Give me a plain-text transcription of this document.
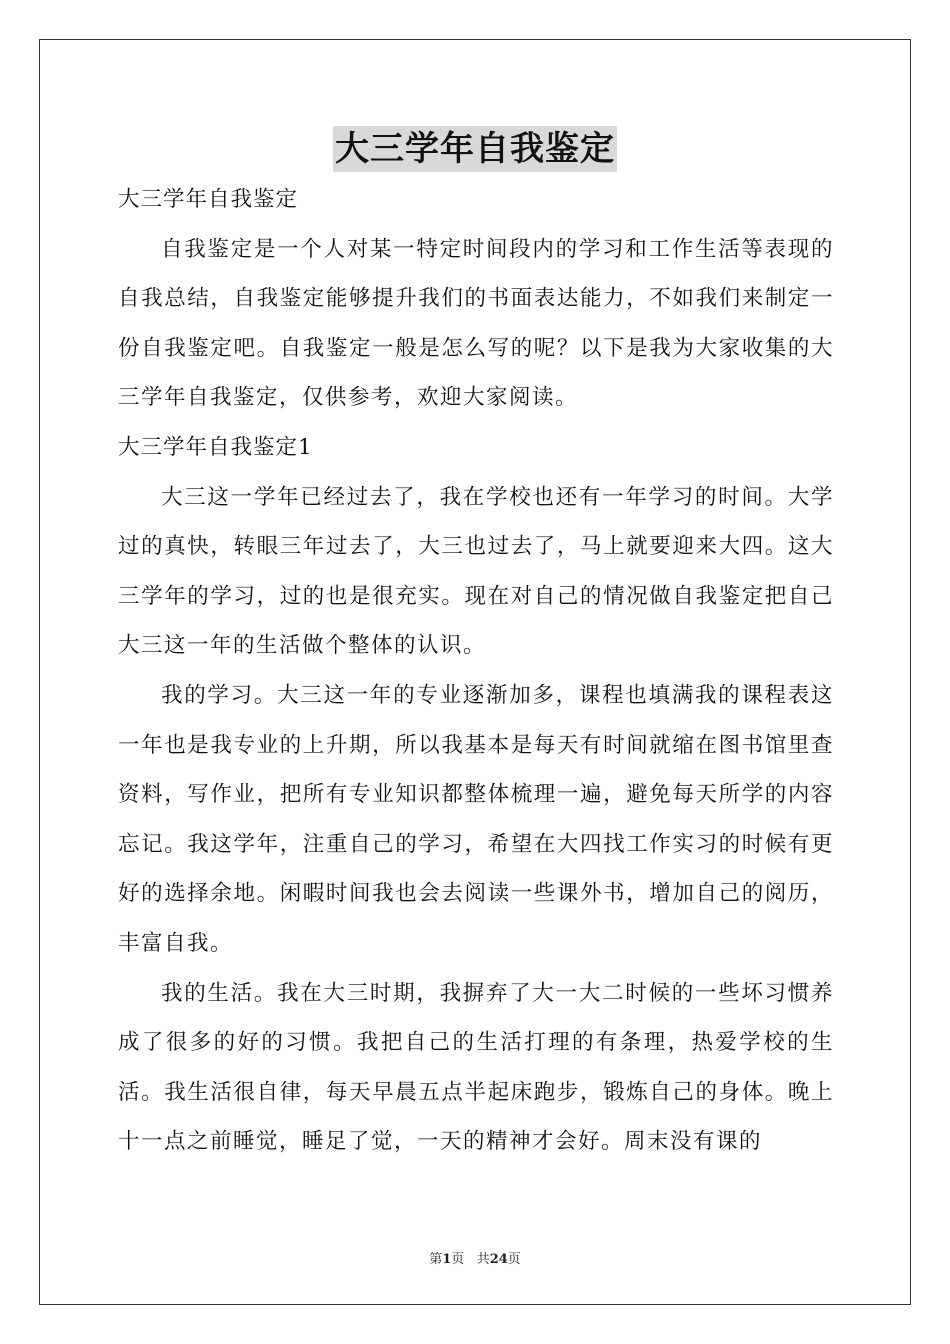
大三学年自我鉴定

大三学年自我鉴定

自我鉴定是一个人对某一特定时间段内的学习和工作生活等表现的自我总结，自我鉴定能够提升我们的书面表达能力，不如我们来制定一份自我鉴定吧。自我鉴定一般是怎么写的呢？以下是我为大家收集的大三学年自我鉴定，仅供参考，欢迎大家阅读。

大三学年自我鉴定1

大三这一学年已经过去了，我在学校也还有一年学习的时间。大学过的真快，转眼三年过去了，大三也过去了，马上就要迎来大四。这大三学年的学习，过的也是很充实。现在对自己的情况做自我鉴定把自己大三这一年的生活做个整体的认识。

我的学习。大三这一年的专业逐渐加多，课程也填满我的课程表这一年也是我专业的上升期，所以我基本是每天有时间就缩在图书馆里查资料，写作业，把所有专业知识都整体梳理一遍，避免每天所学的内容忘记。我这学年，注重自己的学习，希望在大四找工作实习的时候有更好的选择余地。闲暇时间我也会去阅读一些课外书，增加自己的阅历，丰富自我。

我的生活。我在大三时期，我摒弃了大一大二时候的一些坏习惯养成了很多的好的习惯。我把自己的生活打理的有条理，热爱学校的生活。我生活很自律，每天早晨五点半起床跑步，锻炼自己的身体。晚上十一点之前睡觉，睡足了觉，一天的精神才会好。周末没有课的

第1页 共24页
